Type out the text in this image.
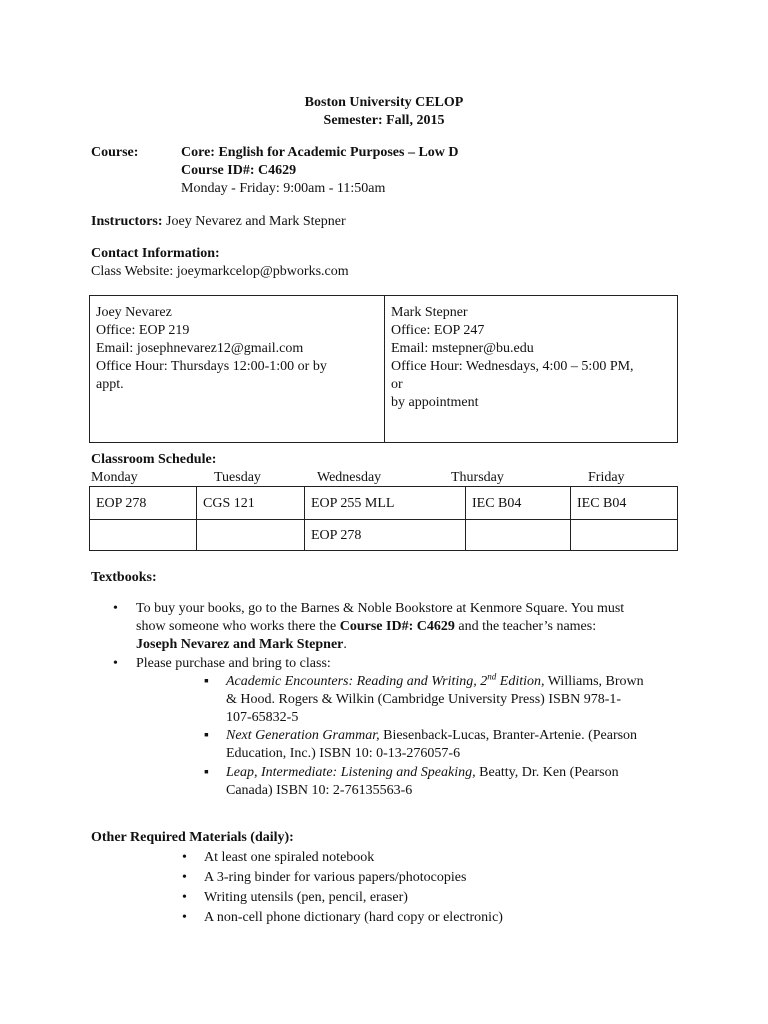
Boston University CELOP
Semester: Fall, 2015
Course:	Core: English for Academic Purposes – Low D
Course ID#: C4629
Monday - Friday: 9:00am - 11:50am
Instructors: Joey Nevarez and Mark Stepner
Contact Information:
Class Website: joeymarkcelop@pbworks.com
Joey Nevarez
Office: EOP 219
Email: josephnevarez12@gmail.com
Office Hour: Thursdays 12:00-1:00 or by
appt.

Mark Stepner
Office: EOP 247
Email: mstepner@bu.edu
Office Hour: Wednesdays, 4:00 – 5:00 PM,
or
by appointment
Classroom Schedule:
Monday	Tuesday	Wednesday	Thursday	Friday
EOP 278	CGS 121	EOP 255 MLL	IEC B04	IEC B04
		EOP 278		
Textbooks:
• To buy your books, go to the Barnes & Noble Bookstore at Kenmore Square. You must
show someone who works there the Course ID#: C4629 and the teacher’s names:
Joseph Nevarez and Mark Stepner.
• Please purchase and bring to class:
▪ Academic Encounters: Reading and Writing, 2nd Edition, Williams, Brown
& Hood. Rogers & Wilkin (Cambridge University Press) ISBN 978-1-
107-65832-5
▪ Next Generation Grammar, Biesenback-Lucas, Branter-Artenie. (Pearson
Education, Inc.) ISBN 10: 0-13-276057-6
▪ Leap, Intermediate: Listening and Speaking, Beatty, Dr. Ken (Pearson
Canada) ISBN 10: 2-76135563-6
Other Required Materials (daily):
• At least one spiraled notebook
• A 3-ring binder for various papers/photocopies
• Writing utensils (pen, pencil, eraser)
• A non-cell phone dictionary (hard copy or electronic)
